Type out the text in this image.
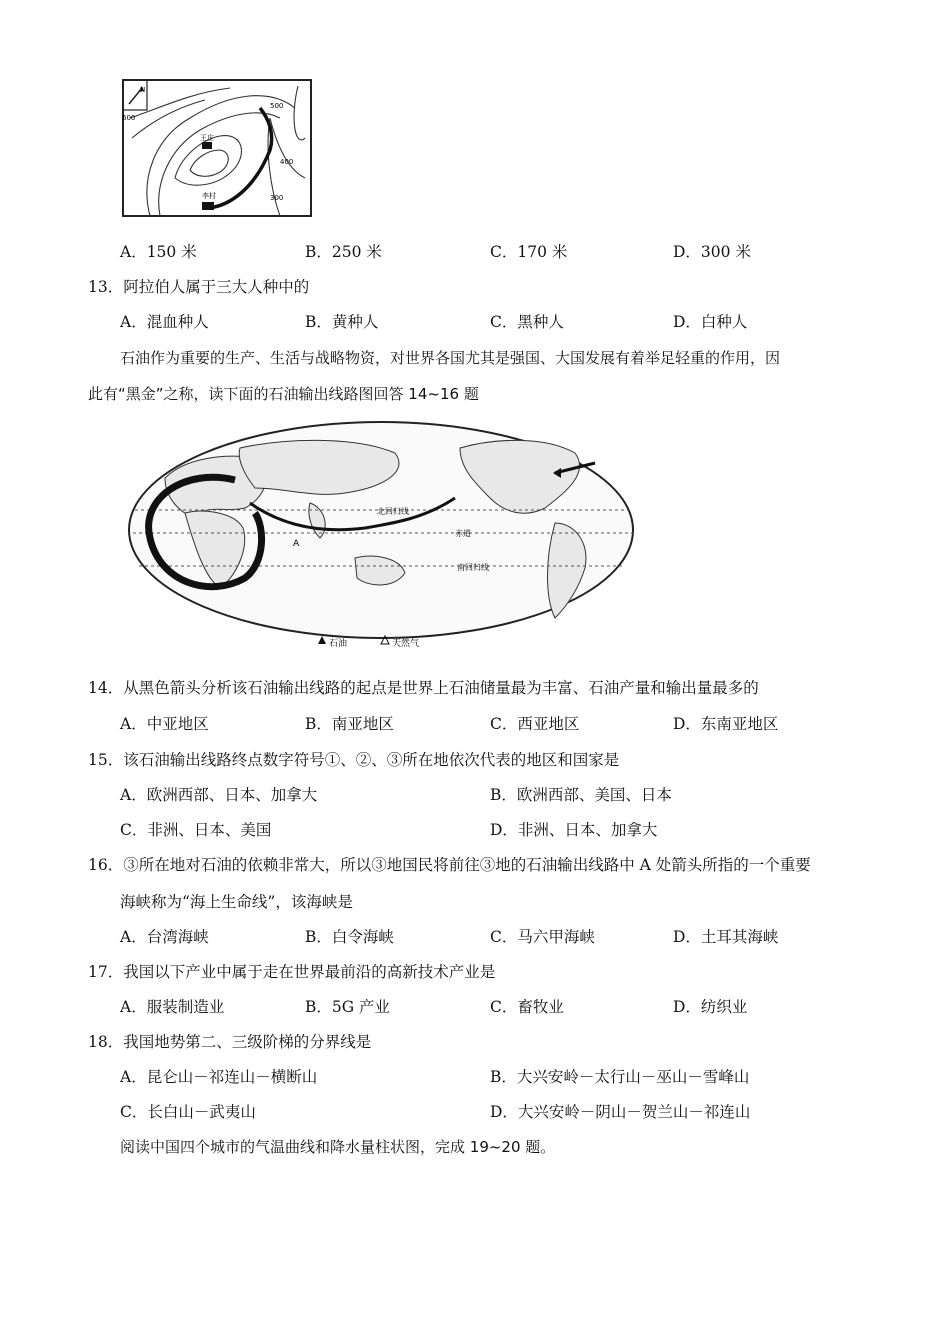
N
600
500
400
300
王庄
李村
A．150 米	B．250 米	C．170 米	D．300 米
13．阿拉伯人属于三大人种中的
A．混血种人	B．黄种人	C．黑种人	D．白种人
石油作为重要的生产、生活与战略物资，对世界各国尤其是强国、大国发展有着举足轻重的作用，因
此有“黑金”之称，读下面的石油输出线路图回答 14~16 题
北回归线
赤道
南回归线
A
石油	天然气
14．从黑色箭头分析该石油输出线路的起点是世界上石油储量最为丰富、石油产量和输出量最多的
A．中亚地区	B．南亚地区	C．西亚地区	D．东南亚地区
15．该石油输出线路终点数字符号①、②、③所在地依次代表的地区和国家是
A．欧洲西部、日本、加拿大	B．欧洲西部、美国、日本
C．非洲、日本、美国	D．非洲、日本、加拿大
16．③所在地对石油的依赖非常大，所以③地国民将前往③地的石油输出线路中 A 处箭头所指的一个重要
海峡称为“海上生命线”，该海峡是
A．台湾海峡	B．白令海峡	C．马六甲海峡	D．土耳其海峡
17．我国以下产业中属于走在世界最前沿的高新技术产业是
A．服装制造业	B．5G 产业	C．畜牧业	D．纺织业
18．我国地势第二、三级阶梯的分界线是
A．昆仑山－祁连山－横断山	B．大兴安岭－太行山－巫山－雪峰山
C．长白山－武夷山	D．大兴安岭－阴山－贺兰山－祁连山
阅读中国四个城市的气温曲线和降水量柱状图，完成 19~20 题。
